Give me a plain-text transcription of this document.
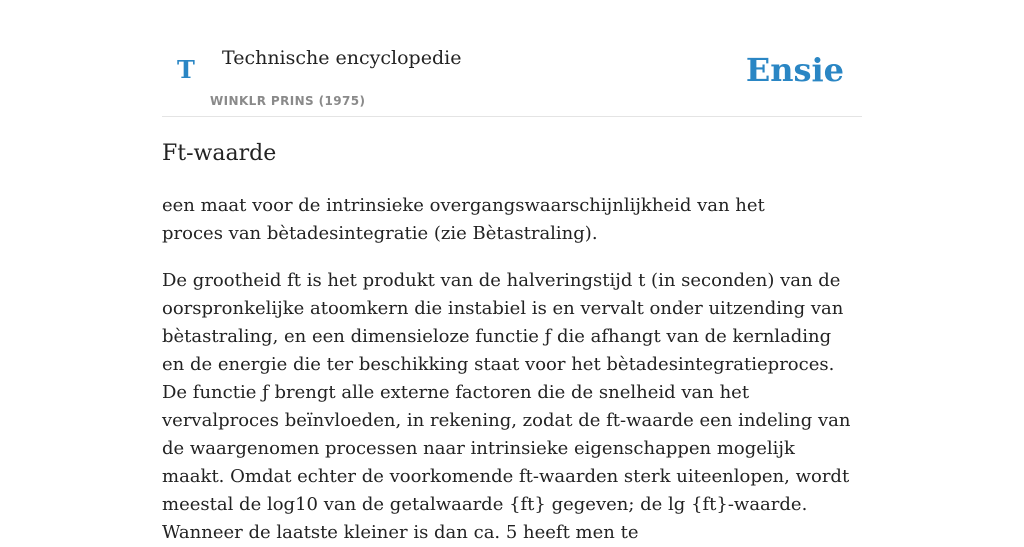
T Technische encyclopedie
WINKLR PRINS (1975)
Ensie
Ft-waarde

een maat voor de intrinsieke overgangswaarschijnlijkheid van het proces van bètadesintegratie (zie Bètastraling).

De grootheid ft is het produkt van de halveringstijd t (in seconden) van de oorspronkelijke atoomkern die instabiel is en vervalt onder uitzending van bètastraling, en een dimensieloze functie ƒ die afhangt van de kernlading en de energie die ter beschikking staat voor het bètadesintegratieproces. De functie ƒ brengt alle externe factoren die de snelheid van het vervalproces beïnvloeden, in rekening, zodat de ft-waarde een indeling van de waargenomen processen naar intrinsieke eigenschappen mogelijk maakt. Omdat echter de voorkomende ft-waarden sterk uiteenlopen, wordt meestal de log10 van de getalwaarde {ft} gegeven; de lg {ft}-waarde. Wanneer de laatste kleiner is dan ca. 5 heeft men te
